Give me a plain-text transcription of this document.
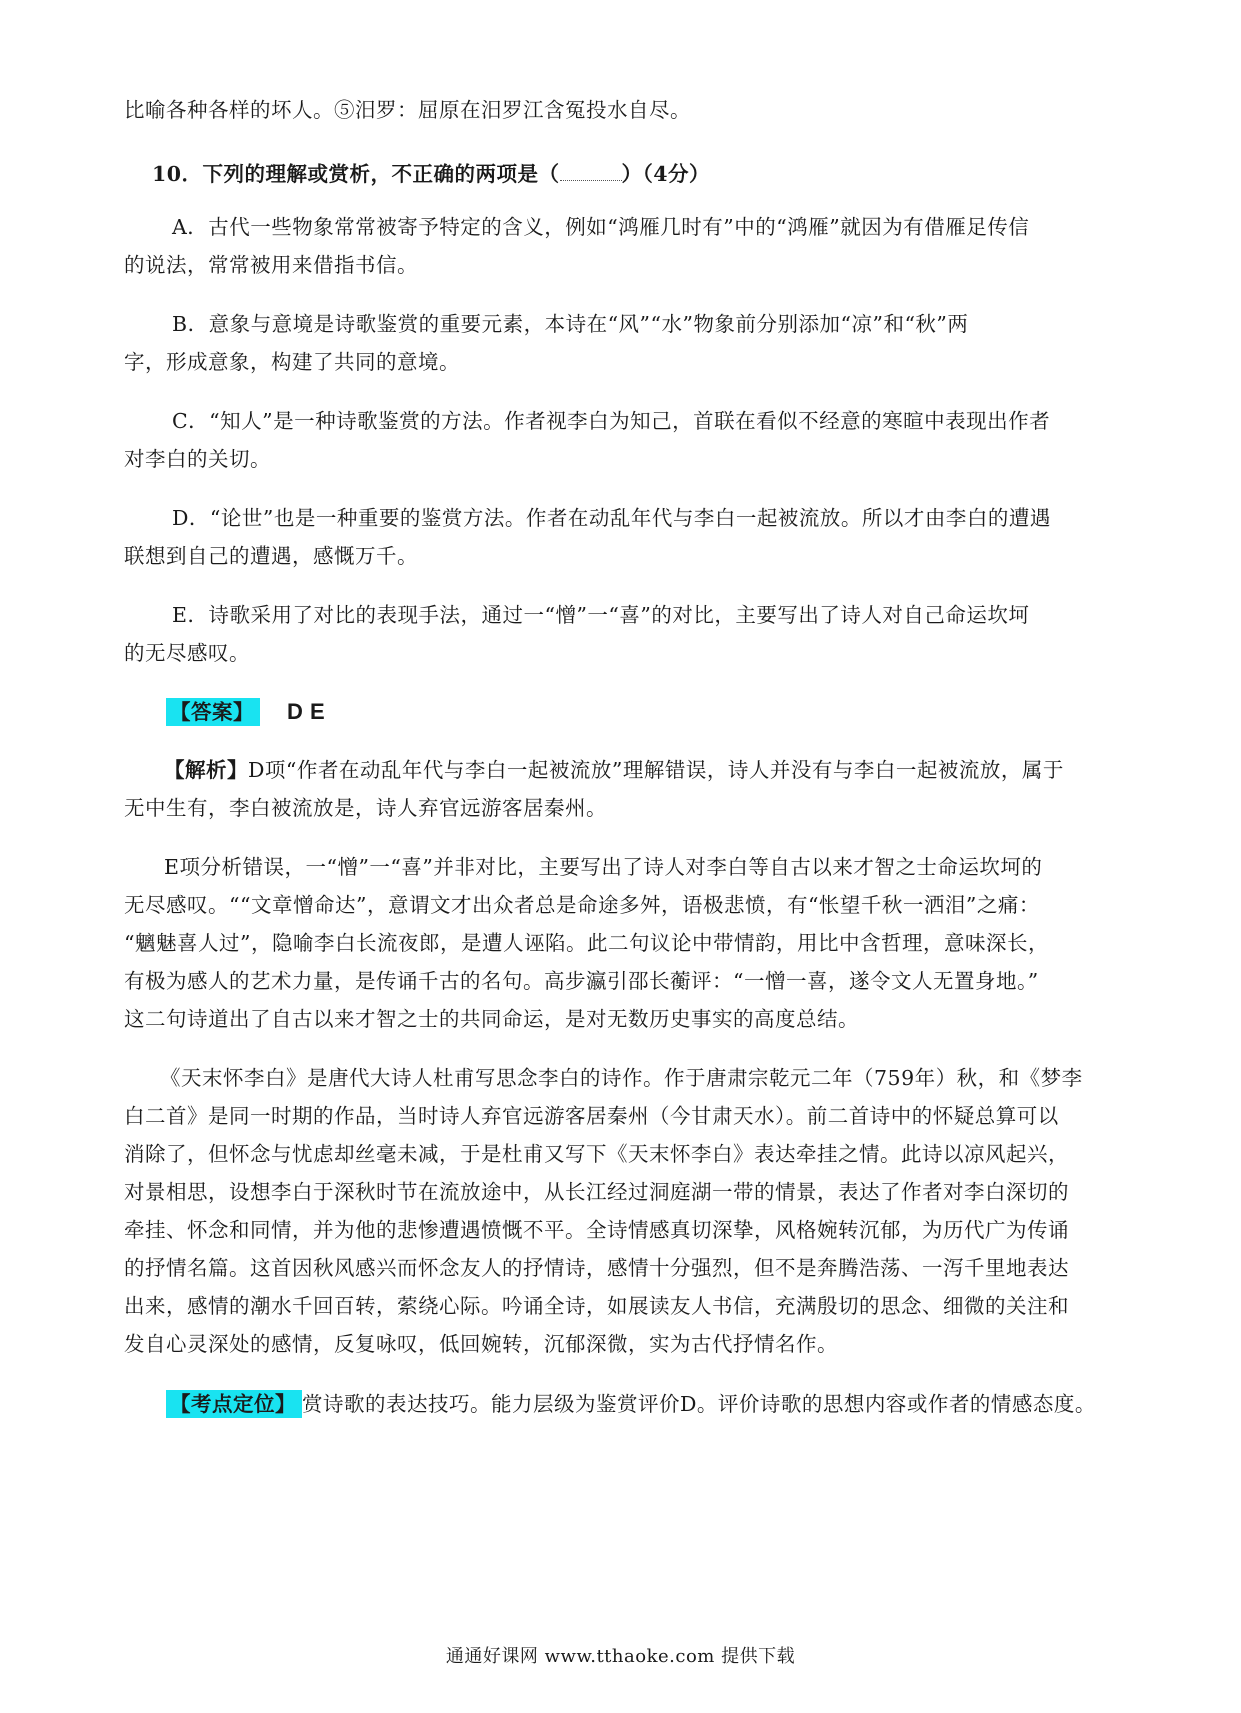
比喻各种各样的坏人。⑤汨罗：屈原在汨罗江含冤投水自尽。
10．下列的理解或赏析，不正确的两项是（	）（4分）
A．古代一些物象常常被寄予特定的含义，例如“鸿雁几时有”中的“鸿雁”就因为有借雁足传信
的说法，常常被用来借指书信。
B．意象与意境是诗歌鉴赏的重要元素，本诗在“风”“水”物象前分别添加“凉”和“秋”两
字，形成意象，构建了共同的意境。
C．“知人”是一种诗歌鉴赏的方法。作者视李白为知己，首联在看似不经意的寒暄中表现出作者
对李白的关切。
D．“论世”也是一种重要的鉴赏方法。作者在动乱年代与李白一起被流放。所以才由李白的遭遇
联想到自己的遭遇，感慨万千。
E．诗歌采用了对比的表现手法，通过一“憎”一“喜”的对比，主要写出了诗人对自己命运坎坷
的无尽感叹。
【答案】 D E
【解析】D项“作者在动乱年代与李白一起被流放”理解错误，诗人并没有与李白一起被流放，属于
无中生有，李白被流放是，诗人弃官远游客居秦州。
E项分析错误，一“憎”一“喜”并非对比，主要写出了诗人对李白等自古以来才智之士命运坎坷的
无尽感叹。““文章憎命达”，意谓文才出众者总是命途多舛，语极悲愤，有“怅望千秋一洒泪”之痛：
“魑魅喜人过”，隐喻李白长流夜郎，是遭人诬陷。此二句议论中带情韵，用比中含哲理，意味深长，
有极为感人的艺术力量，是传诵千古的名句。高步瀛引邵长蘅评：“一憎一喜，遂令文人无置身地。”
这二句诗道出了自古以来才智之士的共同命运，是对无数历史事实的高度总结。
《天末怀李白》是唐代大诗人杜甫写思念李白的诗作。作于唐肃宗乾元二年（759年）秋，和《梦李
白二首》是同一时期的作品，当时诗人弃官远游客居秦州（今甘肃天水）。前二首诗中的怀疑总算可以
消除了，但怀念与忧虑却丝毫未减，于是杜甫又写下《天末怀李白》表达牵挂之情。此诗以凉风起兴，
对景相思，设想李白于深秋时节在流放途中，从长江经过洞庭湖一带的情景，表达了作者对李白深切的
牵挂、怀念和同情，并为他的悲惨遭遇愤慨不平。全诗情感真切深挚，风格婉转沉郁，为历代广为传诵
的抒情名篇。这首因秋风感兴而怀念友人的抒情诗，感情十分强烈，但不是奔腾浩荡、一泻千里地表达
出来，感情的潮水千回百转，萦绕心际。吟诵全诗，如展读友人书信，充满殷切的思念、细微的关注和
发自心灵深处的感情，反复咏叹，低回婉转，沉郁深微，实为古代抒情名作。
【考点定位】 赏诗歌的表达技巧。能力层级为鉴赏评价D。评价诗歌的思想内容或作者的情感态度。
通通好课网 www.tthaoke.com 提供下载
